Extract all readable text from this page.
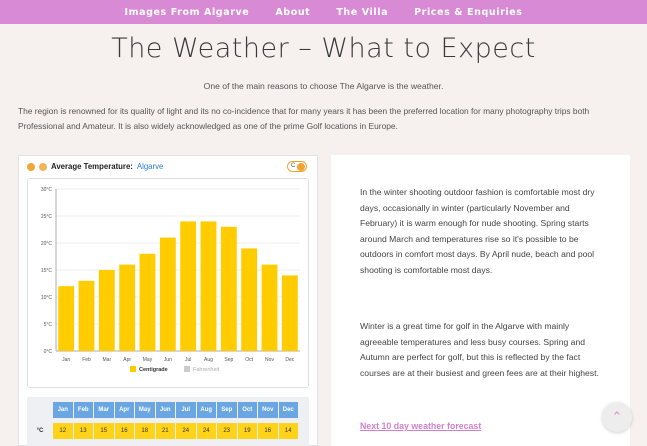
Images From Algarve	About	The Villa	Prices & Enquiries
The Weather – What to Expect

One of the main reasons to choose The Algarve is the weather.

The region is renowned for its quality of light and its no co-incidence that for many years it has been the preferred location for many photography trips both Professional and Amateur. It is also widely acknowledged as one of the prime Golf locations in Europe.

Average Temperature: Algarve	C
0°C
5°C
10°C
15°C
20°C
25°C
30°C
Jan Feb Mar Apr May Jun	Jul	Aug Sep Oct Nov Dec
Centigrade	Fahrenheit
Jan	Feb	Mar	Apr	May	Jun	Jul	Aug	Sep	Oct	Nov	Dec
°C	12	13	15	16	18	21	24	24	23	19	16	14

In the winter shooting outdoor fashion is comfortable most dry days, occasionally in winter (particularly November and February) it is warm enough for nude shooting. Spring starts around March and temperatures rise so it's possible to be outdoors in comfort most days. By April nude, beach and pool shooting is comfortable most days.

Winter is a great time for golf in the Algarve with mainly agreeable temperatures and less busy courses. Spring and Autumn are perfect for golf, but this is reflected by the fact courses are at their busiest and green fees are at their highest.

Next 10 day weather forecast
⌃
